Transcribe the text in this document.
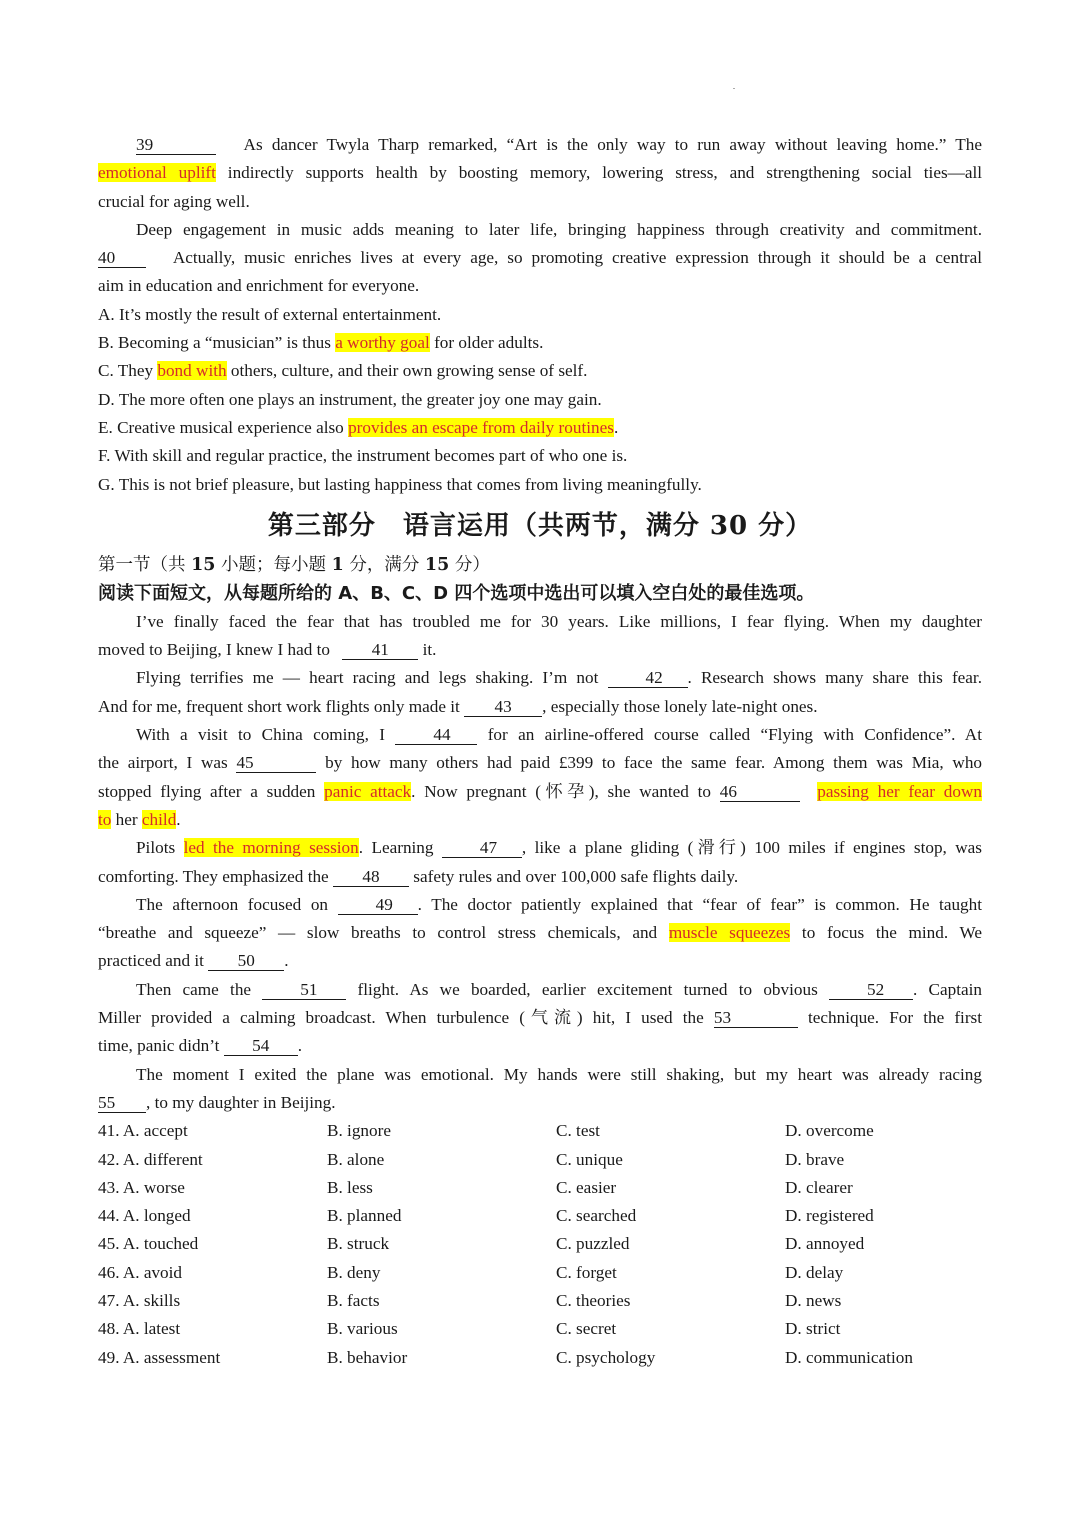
39	As dancer Twyla Tharp remarked, “Art is the only way to run away without leaving home.” The
emotional uplift indirectly supports health by boosting memory, lowering stress, and strengthening social ties—all
crucial for aging well.
Deep engagement in music adds meaning to later life, bringing happiness through creativity and commitment.
40	Actually, music enriches lives at every age, so promoting creative expression through it should be a central
aim in education and enrichment for everyone.
A. It’s mostly the result of external entertainment.
B. Becoming a “musician” is thus a worthy goal for older adults.
C. They bond with others, culture, and their own growing sense of self.
D. The more often one plays an instrument, the greater joy one may gain.
E. Creative musical experience also provides an escape from daily routines.
F. With skill and regular practice, the instrument becomes part of who one is.
G. This is not brief pleasure, but lasting happiness that comes from living meaningfully.
第三部分　语言运用（共两节，满分 30 分）
第一节（共 15 小题；每小题 1 分，满分 15 分）
阅读下面短文，从每题所给的 A、B、C、D 四个选项中选出可以填入空白处的最佳选项。
I’ve finally faced the fear that has troubled me for 30 years. Like millions, I fear flying. When my daughter
moved to Beijing, I knew I had to 41 it.
Flying terrifies me — heart racing and legs shaking. I’m not 42 . Research shows many share this fear.
And for me, frequent short work flights only made it 43 , especially those lonely late-night ones.
With a visit to China coming, I 44 for an airline-offered course called “Flying with Confidence”. At
the airport, I was 45	by how many others had paid £399 to face the same fear. Among them was Mia, who
stopped flying after a sudden panic attack. Now pregnant (怀孕), she wanted to 46	passing her fear down
to her child.
Pilots led the morning session. Learning 47 , like a plane gliding (滑行) 100 miles if engines stop, was
comforting. They emphasized the 48 safety rules and over 100,000 safe flights daily.
The afternoon focused on 49 . The doctor patiently explained that “fear of fear” is common. He taught
“breathe and squeeze” — slow breaths to control stress chemicals, and muscle squeezes to focus the mind. We
practiced and it 50 .
Then came the 51 flight. As we boarded, earlier excitement turned to obvious 52 . Captain
Miller provided a calming broadcast. When turbulence (气流) hit, I used the 53	technique. For the first
time, panic didn’t 54 .
The moment I exited the plane was emotional. My hands were still shaking, but my heart was already racing
55 , to my daughter in Beijing.
41. A. accept	B. ignore	C. test	D. overcome
42. A. different	B. alone	C. unique	D. brave
43. A. worse	B. less	C. easier	D. clearer
44. A. longed	B. planned	C. searched	D. registered
45. A. touched	B. struck	C. puzzled	D. annoyed
46. A. avoid	B. deny	C. forget	D. delay
47. A. skills	B. facts	C. theories	D. news
48. A. latest	B. various	C. secret	D. strict
49. A. assessment	B. behavior	C. psychology	D. communication
